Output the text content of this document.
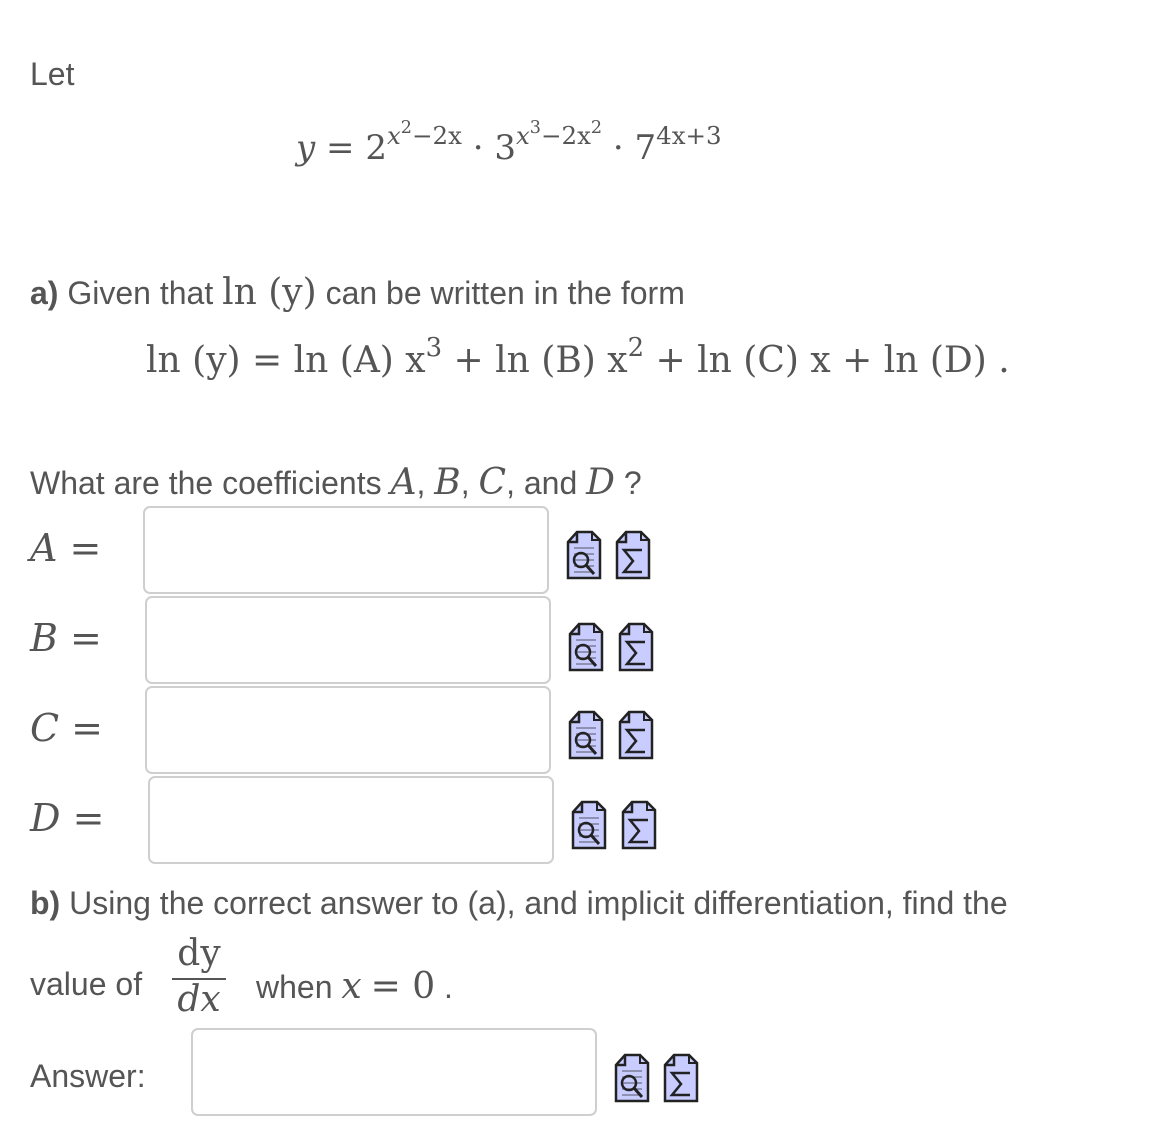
Let
$y = 2^{x^2-2x} \cdot 3^{x^3-2x^2} \cdot 7^{4x+3}$
a) Given that ln (y) can be written in the form
ln (y) = ln (A) $x^3 + \ln (B) x^2 + \ln (C) x + \ln (D)$ .
What are the coefficients A, B, C, and D ?
A =
B =
C =
D =
b) Using the correct answer to (a), and implicit differentiation, find the
value of
dy
dx when x = 0 .
Answer:
